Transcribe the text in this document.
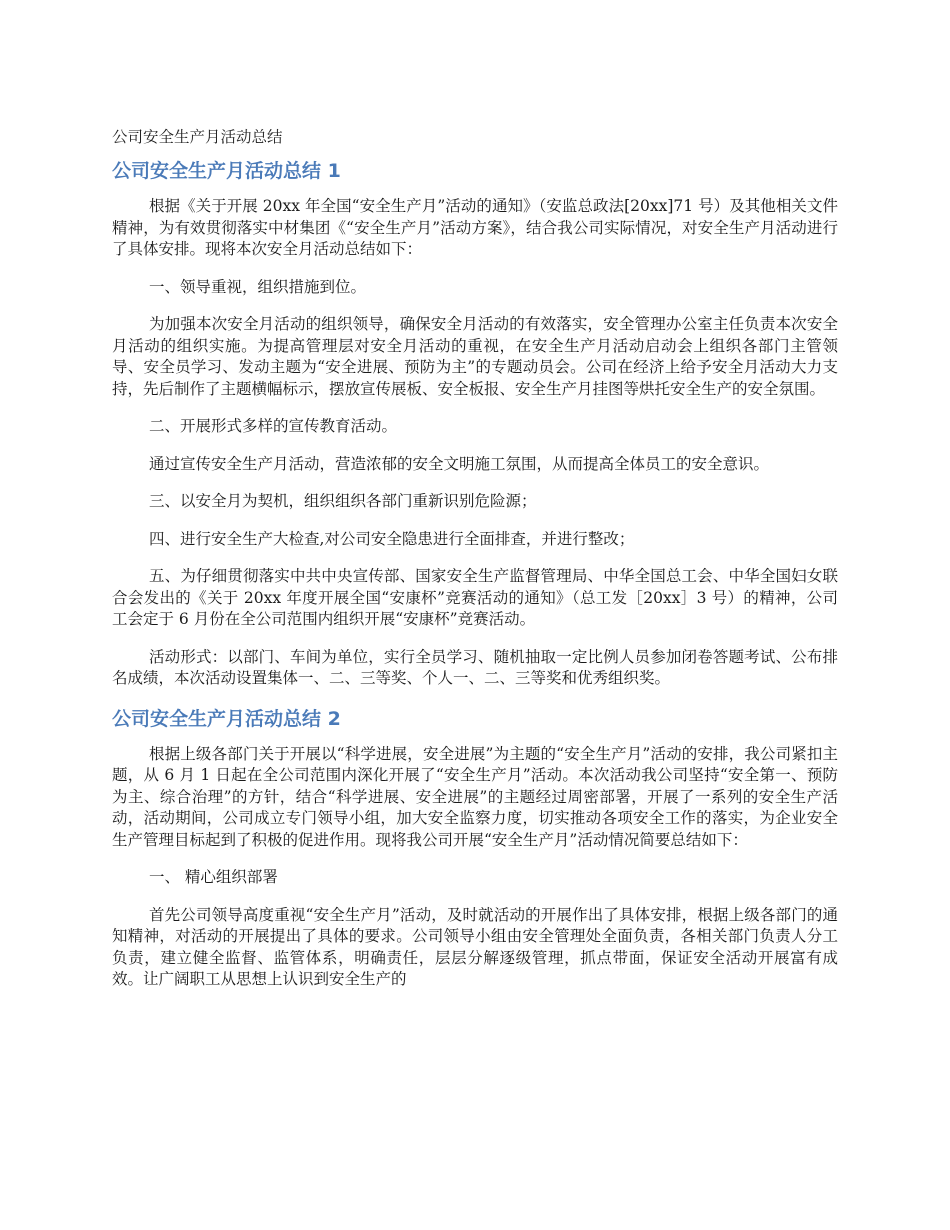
公司安全生产月活动总结
公司安全生产月活动总结 1

根据《关于开展 20xx 年全国“安全生产月”活动的通知》（安监总政法[20xx]71 号）及其他相关文件精神，为有效贯彻落实中材集团《“安全生产月”活动方案》，结合我公司实际情况，对安全生产月活动进行了具体安排。现将本次安全月活动总结如下：

一、领导重视，组织措施到位。

为加强本次安全月活动的组织领导，确保安全月活动的有效落实，安全管理办公室主任负责本次安全月活动的组织实施。为提高管理层对安全月活动的重视，在安全生产月活动启动会上组织各部门主管领导、安全员学习、发动主题为“安全进展、预防为主”的专题动员会。公司在经济上给予安全月活动大力支持，先后制作了主题横幅标示，摆放宣传展板、安全板报、安全生产月挂图等烘托安全生产的安全氛围。

二、开展形式多样的宣传教育活动。

通过宣传安全生产月活动，营造浓郁的安全文明施工氛围，从而提高全体员工的安全意识。

三、以安全月为契机，组织组织各部门重新识别危险源；

四、进行安全生产大检查,对公司安全隐患进行全面排查，并进行整改；

五、为仔细贯彻落实中共中央宣传部、国家安全生产监督管理局、中华全国总工会、中华全国妇女联合会发出的《关于 20xx 年度开展全国“安康杯”竞赛活动的通知》（总工发［20xx］3 号）的精神，公司工会定于 6 月份在全公司范围内组织开展“安康杯”竞赛活动。

活动形式：以部门、车间为单位，实行全员学习、随机抽取一定比例人员参加闭卷答题考试、公布排名成绩，本次活动设置集体一、二、三等奖、个人一、二、三等奖和优秀组织奖。

公司安全生产月活动总结 2

根据上级各部门关于开展以“科学进展，安全进展”为主题的“安全生产月”活动的安排，我公司紧扣主题，从 6 月 1 日起在全公司范围内深化开展了“安全生产月”活动。本次活动我公司坚持“安全第一、预防为主、综合治理”的方针，结合“科学进展、安全进展”的主题经过周密部署，开展了一系列的安全生产活动，活动期间，公司成立专门领导小组，加大安全监察力度，切实推动各项安全工作的落实，为企业安全生产管理目标起到了积极的促进作用。现将我公司开展“安全生产月”活动情况简要总结如下：

一、 精心组织部署

首先公司领导高度重视“安全生产月”活动，及时就活动的开展作出了具体安排，根据上级各部门的通知精神，对活动的开展提出了具体的要求。公司领导小组由安全管理处全面负责，各相关部门负责人分工负责，建立健全监督、监管体系，明确责任，层层分解逐级管理，抓点带面，保证安全活动开展富有成效。让广阔职工从思想上认识到安全生产的
